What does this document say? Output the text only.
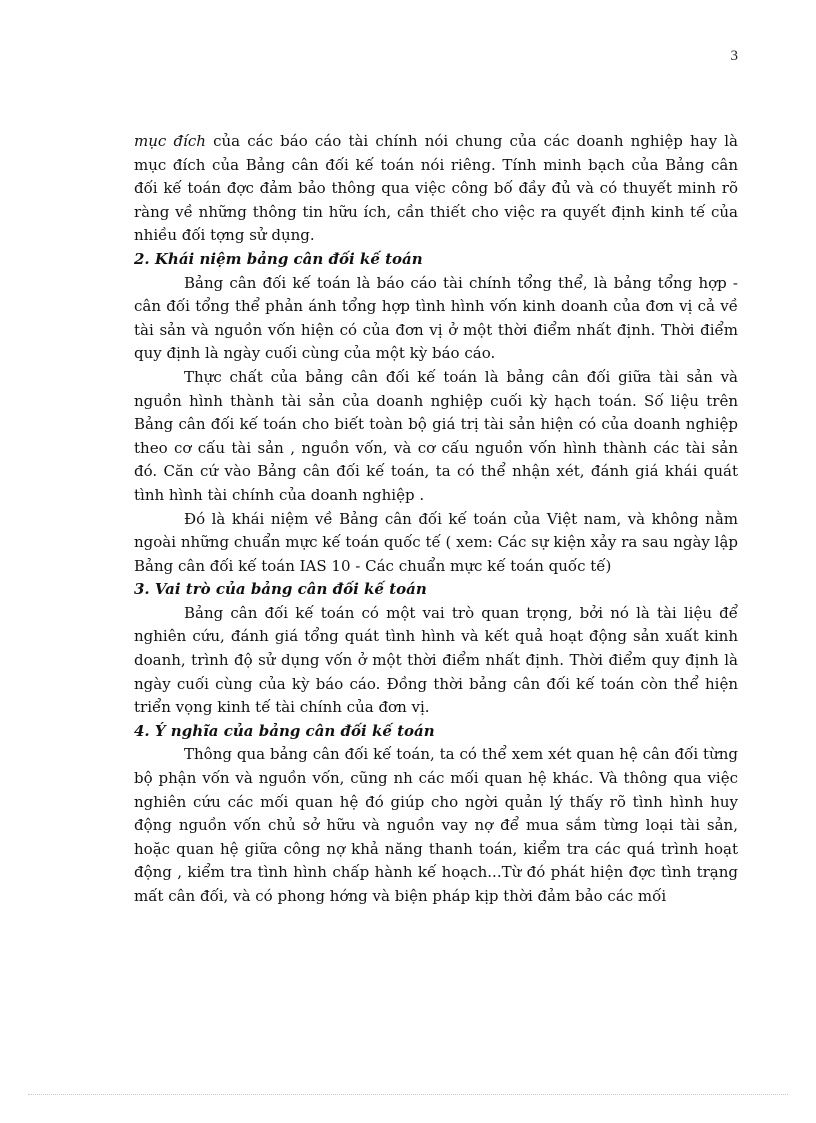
3

mục đích của các báo cáo tài chính nói chung của các doanh nghiệp hay là mục đích của Bảng cân đối kế toán nói riêng. Tính minh bạch của Bảng cân đối kế toán đợc đảm bảo thông qua việc công bố đầy đủ và có thuyết minh rõ ràng về những thông tin hữu ích, cần thiết cho việc ra quyết định kinh tế của nhiều đối tợng sử dụng.

2. Khái niệm bảng cân đối kế toán

Bảng cân đối kế toán là báo cáo tài chính tổng thể, là bảng tổng hợp - cân đối tổng thể phản ánh tổng hợp tình hình vốn kinh doanh của đơn vị cả về tài sản và nguồn vốn hiện có của đơn vị ở một thời điểm nhất định. Thời điểm quy định là ngày cuối cùng của một kỳ báo cáo.

Thực chất của bảng cân đối kế toán là bảng cân đối giữa tài sản và nguồn hình thành tài sản của doanh nghiệp cuối kỳ hạch toán. Số liệu trên Bảng cân đối kế toán cho biết toàn bộ giá trị tài sản hiện có của doanh nghiệp theo cơ cấu tài sản , nguồn vốn, và cơ cấu nguồn vốn hình thành các tài sản đó. Căn cứ vào Bảng cân đối kế toán, ta có thể nhận xét, đánh giá khái quát tình hình tài chính của doanh nghiệp .

Đó là khái niệm về Bảng cân đối kế toán của Việt nam, và không nằm ngoài những chuẩn mực kế toán quốc tế ( xem: Các sự kiện xảy ra sau ngày lập Bảng cân đối kế toán IAS 10 - Các chuẩn mực kế toán quốc tế)

3. Vai trò của bảng cân đối kế toán

Bảng cân đối kế toán có một vai trò quan trọng, bởi nó là tài liệu để nghiên cứu, đánh giá tổng quát tình hình và kết quả hoạt động sản xuất kinh doanh, trình độ sử dụng vốn ở một thời điểm nhất định. Thời điểm quy định là ngày cuối cùng của kỳ báo cáo. Đồng thời bảng cân đối kế toán còn thể hiện triển vọng kinh tế tài chính của đơn vị.

4. Ý nghĩa của bảng cân đối kế toán

Thông qua bảng cân đối kế toán, ta có thể xem xét quan hệ cân đối từng bộ phận vốn và nguồn vốn, cũng nh các mối quan hệ khác. Và thông qua việc nghiên cứu các mối quan hệ đó giúp cho ngời quản lý thấy rõ tình hình huy động nguồn vốn chủ sở hữu và nguồn vay nợ để mua sắm từng loại tài sản, hoặc quan hệ giữa công nợ khả năng thanh toán, kiểm tra các quá trình hoạt động , kiểm tra tình hình chấp hành kế hoạch...Từ đó phát hiện đợc tình trạng mất cân đối, và có phong hớng và biện pháp kịp thời đảm bảo các mối
